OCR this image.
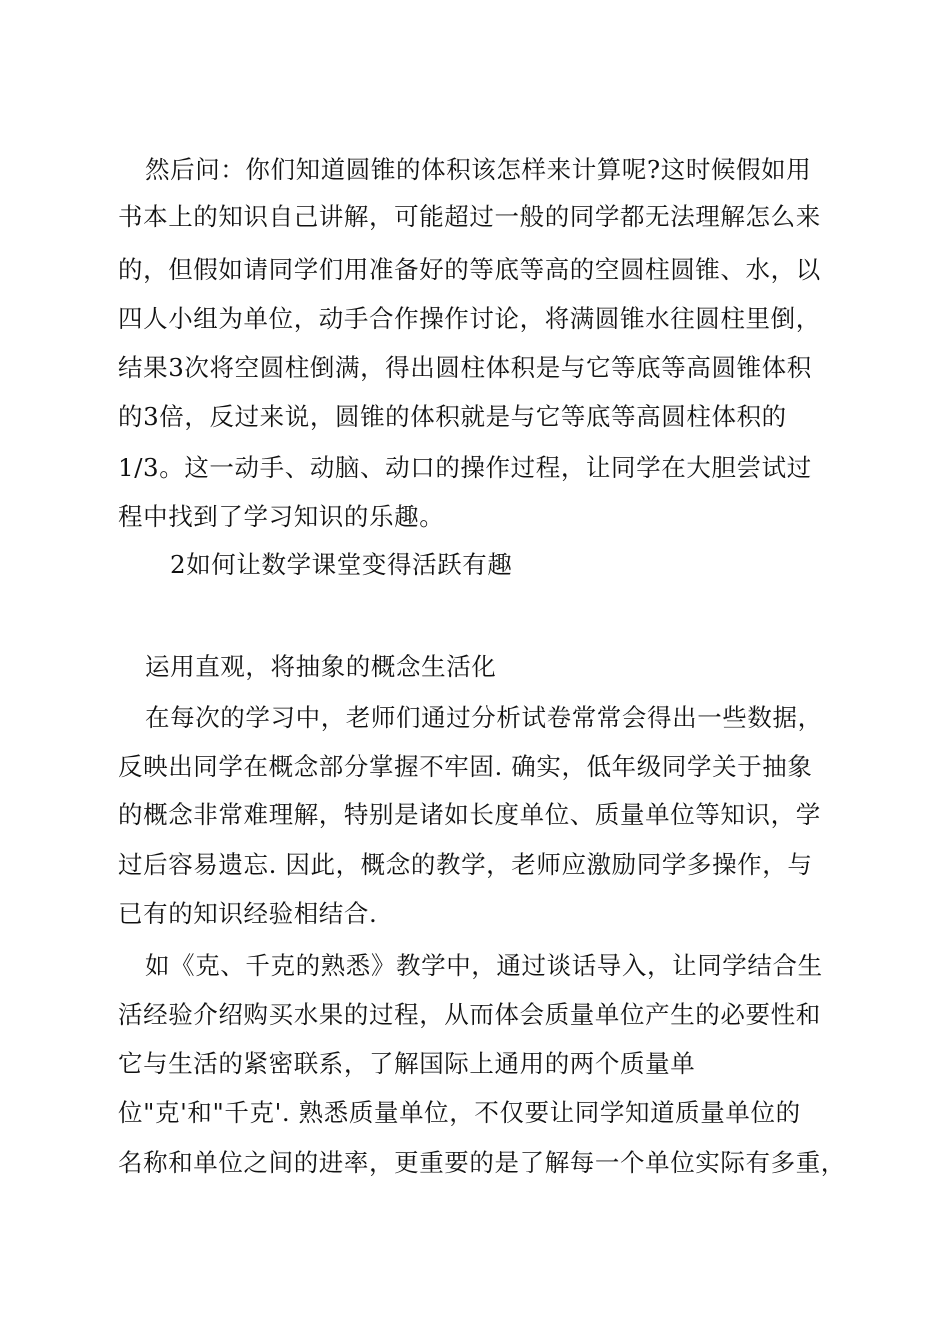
然后问：你们知道圆锥的体积该怎样来计算呢?这时候假如用

书本上的知识自己讲解，可能超过一般的同学都无法理解怎么来

的，但假如请同学们用准备好的等底等高的空圆柱圆锥、水，以

四人小组为单位，动手合作操作讨论，将满圆锥水往圆柱里倒，

结果3次将空圆柱倒满，得出圆柱体积是与它等底等高圆锥体积

的3倍，反过来说，圆锥的体积就是与它等底等高圆柱体积的

1/3。这一动手、动脑、动口的操作过程，让同学在大胆尝试过

程中找到了学习知识的乐趣。

2如何让数学课堂变得活跃有趣

运用直观，将抽象的概念生活化

在每次的学习中，老师们通过分析试卷常常会得出一些数据，

反映出同学在概念部分掌握不牢固. 确实，低年级同学关于抽象

的概念非常难理解，特别是诸如长度单位、质量单位等知识，学

过后容易遗忘. 因此，概念的教学，老师应激励同学多操作，与

已有的知识经验相结合.

如《克、千克的熟悉》教学中，通过谈话导入，让同学结合生

活经验介绍购买水果的过程，从而体会质量单位产生的必要性和

它与生活的紧密联系，了解国际上通用的两个质量单

位"克'和"千克'. 熟悉质量单位，不仅要让同学知道质量单位的

名称和单位之间的进率，更重要的是了解每一个单位实际有多重，
